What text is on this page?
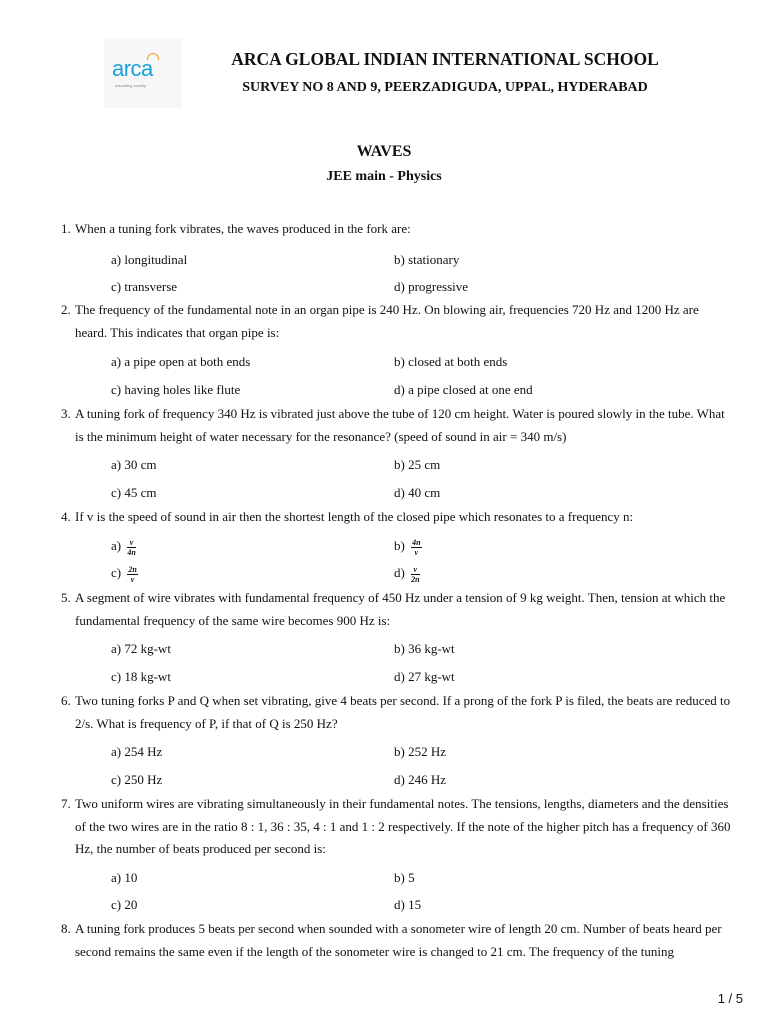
arca
educating society
ARCA GLOBAL INDIAN INTERNATIONAL SCHOOL
SURVEY NO 8 AND 9, PEERZADIGUDA, UPPAL, HYDERABAD
WAVES
JEE main - Physics
1. When a tuning fork vibrates, the waves produced in the fork are:
a) longitudinal	b) stationary
c) transverse	d) progressive
2. The frequency of the fundamental note in an organ pipe is 240 Hz. On blowing air, frequencies 720 Hz and 1200 Hz are heard. This indicates that organ pipe is:
a) a pipe open at both ends	b) closed at both ends
c) having holes like flute	d) a pipe closed at one end
3. A tuning fork of frequency 340 Hz is vibrated just above the tube of 120 cm height. Water is poured slowly in the tube. What is the minimum height of water necessary for the resonance? (speed of sound in air = 340 m/s)
a) 30 cm	b) 25 cm
c) 45 cm	d) 40 cm
4. If v is the speed of sound in air then the shortest length of the closed pipe which resonates to a frequency n:
$a) \frac{v}{4n}$	$b) \frac{4n}{v}$
$c) \frac{2n}{v}$	$d) \frac{v}{2n}$
5. A segment of wire vibrates with fundamental frequency of 450 Hz under a tension of 9 kg weight. Then, tension at which the fundamental frequency of the same wire becomes 900 Hz is:
a) 72 kg-wt	b) 36 kg-wt
c) 18 kg-wt	d) 27 kg-wt
6. Two tuning forks P and Q when set vibrating, give 4 beats per second. If a prong of the fork P is filed, the beats are reduced to 2/s. What is frequency of P, if that of Q is 250 Hz?
a) 254 Hz	b) 252 Hz
c) 250 Hz	d) 246 Hz
7. Two uniform wires are vibrating simultaneously in their fundamental notes. The tensions, lengths, diameters and the densities of the two wires are in the ratio 8 : 1, 36 : 35, 4 : 1 and 1 : 2 respectively. If the note of the higher pitch has a frequency of 360 Hz, the number of beats produced per second is:
a) 10	b) 5
c) 20	d) 15
8. A tuning fork produces 5 beats per second when sounded with a sonometer wire of length 20 cm. Number of beats heard per second remains the same even if the length of the sonometer wire is changed to 21 cm. The frequency of the tuning
1 / 5
